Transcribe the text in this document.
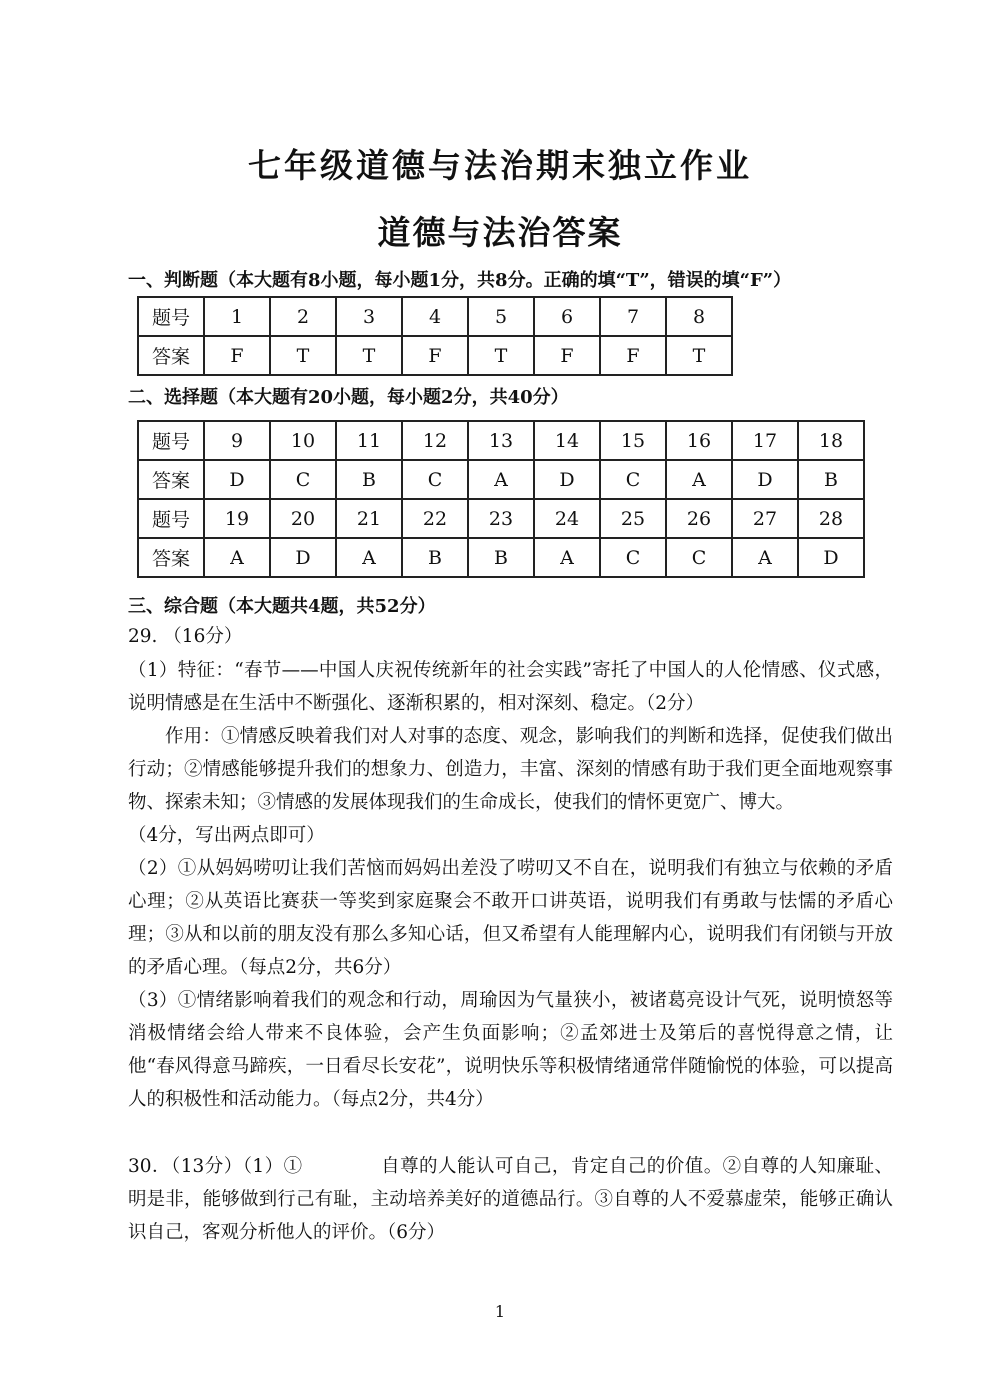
七年级道德与法治期末独立作业
道德与法治答案
一、判断题（本大题有8小题，每小题1分，共8分。正确的填“T”，错误的填“F”）
题号	1	2	3	4	5	6	7	8
答案	F	T	T	F	T	F	F	T
二、选择题（本大题有20小题，每小题2分，共40分）
题号	9	10	11	12	13	14	15	16	17	18
答案	D	C	B	C	A	D	C	A	D	B
题号	19	20	21	22	23	24	25	26	27	28
答案	A	D	A	B	B	A	C	C	A	D
三、综合题（本大题共4题，共52分）
29. （16分）
（1）特征：“春节——中国人庆祝传统新年的社会实践”寄托了中国人的人伦情感、仪式感，说明情感是在生活中不断强化、逐渐积累的，相对深刻、稳定。（2分）
作用：①情感反映着我们对人对事的态度、观念，影响我们的判断和选择，促使我们做出行动；②情感能够提升我们的想象力、创造力，丰富、深刻的情感有助于我们更全面地观察事物、探索未知；③情感的发展体现我们的生命成长，使我们的情怀更宽广、博大。
（4分，写出两点即可）
（2）①从妈妈唠叨让我们苦恼而妈妈出差没了唠叨又不自在，说明我们有独立与依赖的矛盾心理；②从英语比赛获一等奖到家庭聚会不敢开口讲英语，说明我们有勇敢与怯懦的矛盾心理；③从和以前的朋友没有那么多知心话，但又希望有人能理解内心，说明我们有闭锁与开放的矛盾心理。（每点2分，共6分）
（3）①情绪影响着我们的观念和行动，周瑜因为气量狭小，被诸葛亮设计气死，说明愤怒等消极情绪会给人带来不良体验，会产生负面影响；②孟郊进士及第后的喜悦得意之情，让他“春风得意马蹄疾，一日看尽长安花”，说明快乐等积极情绪通常伴随愉悦的体验，可以提高人的积极性和活动能力。（每点2分，共4分）
30．（13分）（1）①	自尊的人能认可自己，肯定自己的价值。②自尊的人知廉耻、明是非，能够做到行己有耻，主动培养美好的道德品行。③自尊的人不爱慕虚荣，能够正确认识自己，客观分析他人的评价。（6分）
1
